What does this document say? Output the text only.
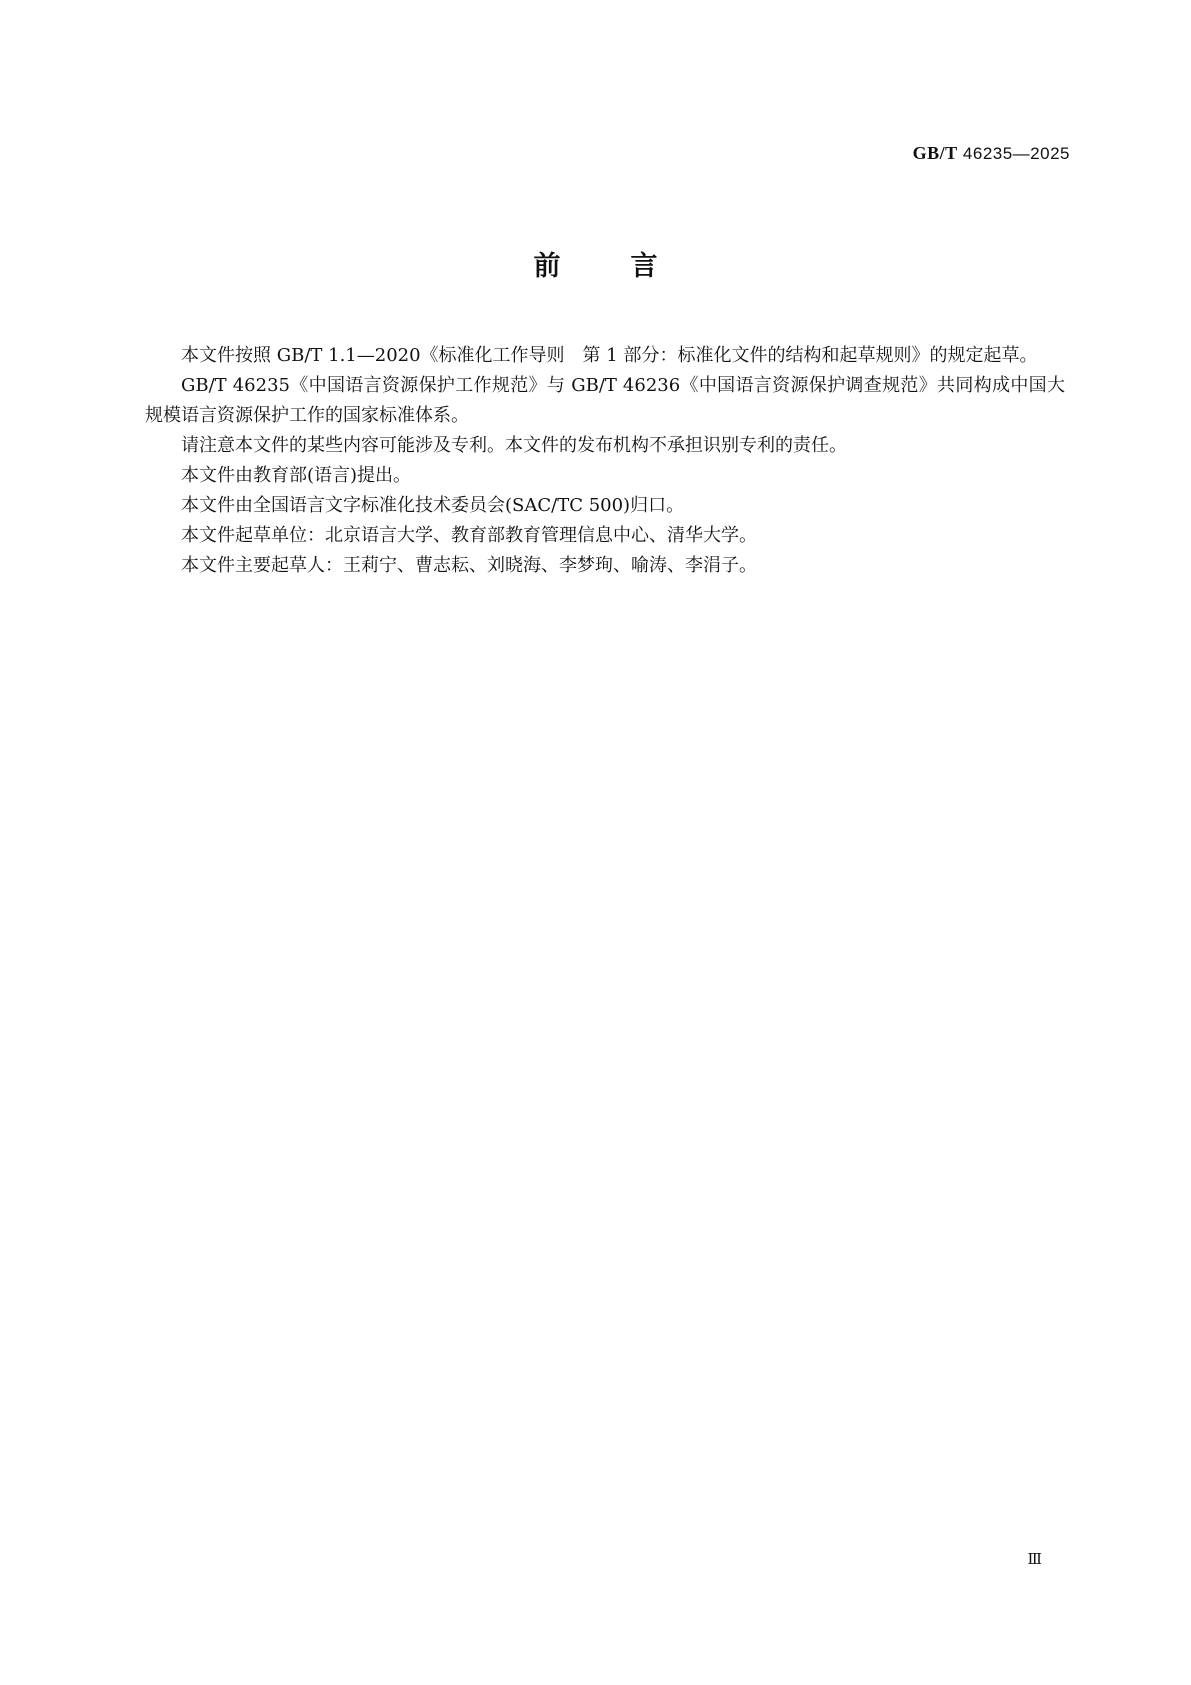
GB/T 46235—2025
前言

本文件按照 GB/T 1.1—2020《标准化工作导则　第 1 部分：标准化文件的结构和起草规则》的规定起草。

GB/T 46235《中国语言资源保护工作规范》与 GB/T 46236《中国语言资源保护调查规范》共同构成中国大规模语言资源保护工作的国家标准体系。

请注意本文件的某些内容可能涉及专利。本文件的发布机构不承担识别专利的责任。

本文件由教育部(语言)提出。

本文件由全国语言文字标准化技术委员会(SAC/TC 500)归口。

本文件起草单位：北京语言大学、教育部教育管理信息中心、清华大学。

本文件主要起草人：王莉宁、曹志耘、刘晓海、李梦珣、喻涛、李涓子。

Ⅲ
